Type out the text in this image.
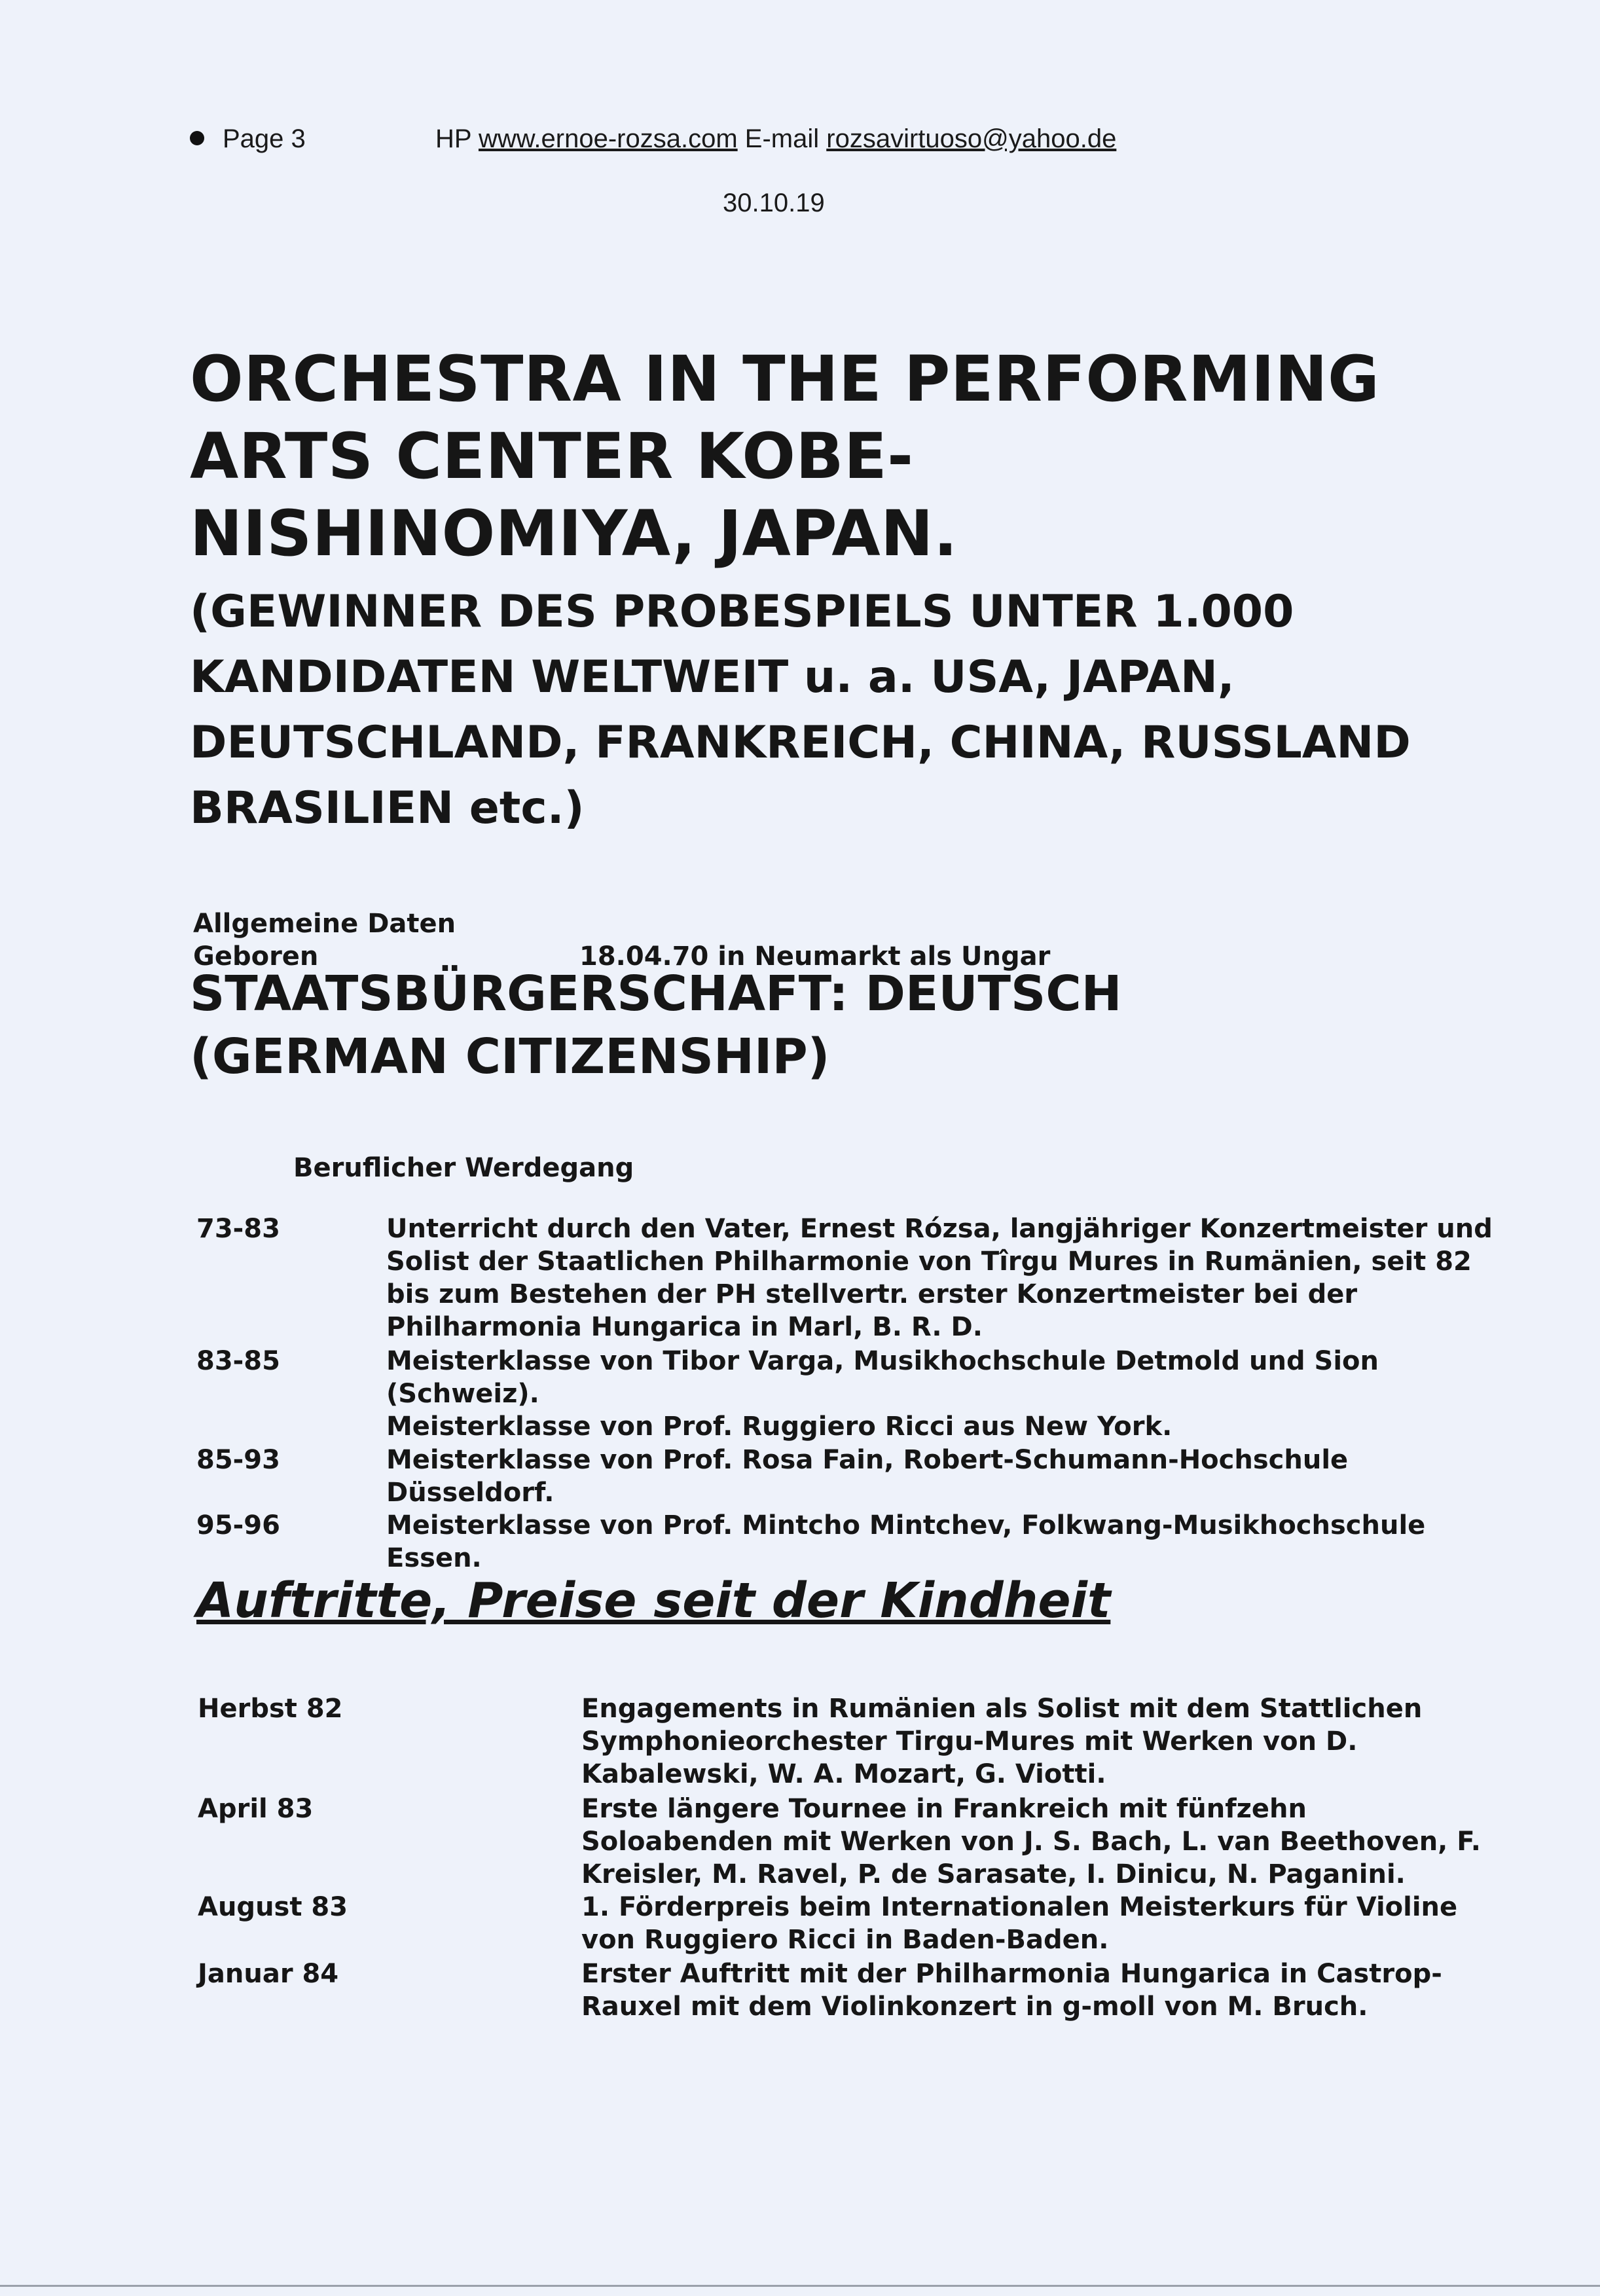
Page 3	HP www.ernoe-rozsa.com E-mail rozsavirtuoso@yahoo.de
30.10.19
ORCHESTRA IN THE PERFORMING
ARTS CENTER KOBE-
NISHINOMIYA, JAPAN.
(GEWINNER DES PROBESPIELS UNTER 1.000
KANDIDATEN WELTWEIT u. a. USA, JAPAN,
DEUTSCHLAND, FRANKREICH, CHINA, RUSSLAND
BRASILIEN etc.)
Allgemeine Daten
Geboren	18.04.70 in Neumarkt als Ungar
STAATSBÜRGERSCHAFT: DEUTSCH
(GERMAN CITIZENSHIP)
Beruflicher Werdegang
73-83	Unterricht durch den Vater, Ernest Rózsa, langjähriger Konzertmeister und
Solist der Staatlichen Philharmonie von Tîrgu Mures in Rumänien, seit 82
bis zum Bestehen der PH stellvertr. erster Konzertmeister bei der
Philharmonia Hungarica in Marl, B. R. D.
83-85	Meisterklasse von Tibor Varga, Musikhochschule Detmold und Sion
(Schweiz).
Meisterklasse von Prof. Ruggiero Ricci aus New York.
85-93	Meisterklasse von Prof. Rosa Fain, Robert-Schumann-Hochschule
Düsseldorf.
95-96	Meisterklasse von Prof. Mintcho Mintchev, Folkwang-Musikhochschule
Essen.
Auftritte, Preise seit der Kindheit
Herbst 82	Engagements in Rumänien als Solist mit dem Stattlichen
Symphonieorchester Tirgu-Mures mit Werken von D.
Kabalewski, W. A. Mozart, G. Viotti.
April 83	Erste längere Tournee in Frankreich mit fünfzehn
Soloabenden mit Werken von J. S. Bach, L. van Beethoven, F.
Kreisler, M. Ravel, P. de Sarasate, I. Dinicu, N. Paganini.
August 83	1. Förderpreis beim Internationalen Meisterkurs für Violine
von Ruggiero Ricci in Baden-Baden.
Januar 84	Erster Auftritt mit der Philharmonia Hungarica in Castrop-
Rauxel mit dem Violinkonzert in g-moll von M. Bruch.
